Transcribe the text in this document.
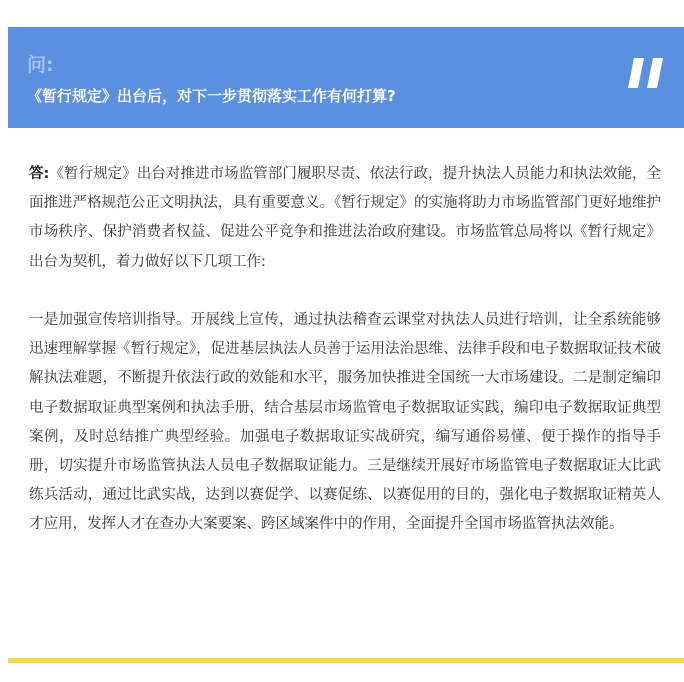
问:
《暂行规定》出台后，对下一步贯彻落实工作有何打算?

答:《暂行规定》出台对推进市场监管部门履职尽责、依法行政，提升执法人员能力和执法效能，全面推进严格规范公正文明执法，具有重要意义。《暂行规定》的实施将助力市场监管部门更好地维护市场秩序、保护消费者权益、促进公平竞争和推进法治政府建设。市场监管总局将以《暂行规定》出台为契机，着力做好以下几项工作:

一是加强宣传培训指导。开展线上宣传，通过执法稽查云课堂对执法人员进行培训，让全系统能够迅速理解掌握《暂行规定》，促进基层执法人员善于运用法治思维、法律手段和电子数据取证技术破解执法难题，不断提升依法行政的效能和水平，服务加快推进全国统一大市场建设。二是制定编印电子数据取证典型案例和执法手册，结合基层市场监管电子数据取证实践，编印电子数据取证典型案例，及时总结推广典型经验。加强电子数据取证实战研究，编写通俗易懂、便于操作的指导手册，切实提升市场监管执法人员电子数据取证能力。三是继续开展好市场监管电子数据取证大比武练兵活动，通过比武实战，达到以赛促学、以赛促练、以赛促用的目的，强化电子数据取证精英人才应用，发挥人才在查办大案要案、跨区域案件中的作用，全面提升全国市场监管执法效能。
